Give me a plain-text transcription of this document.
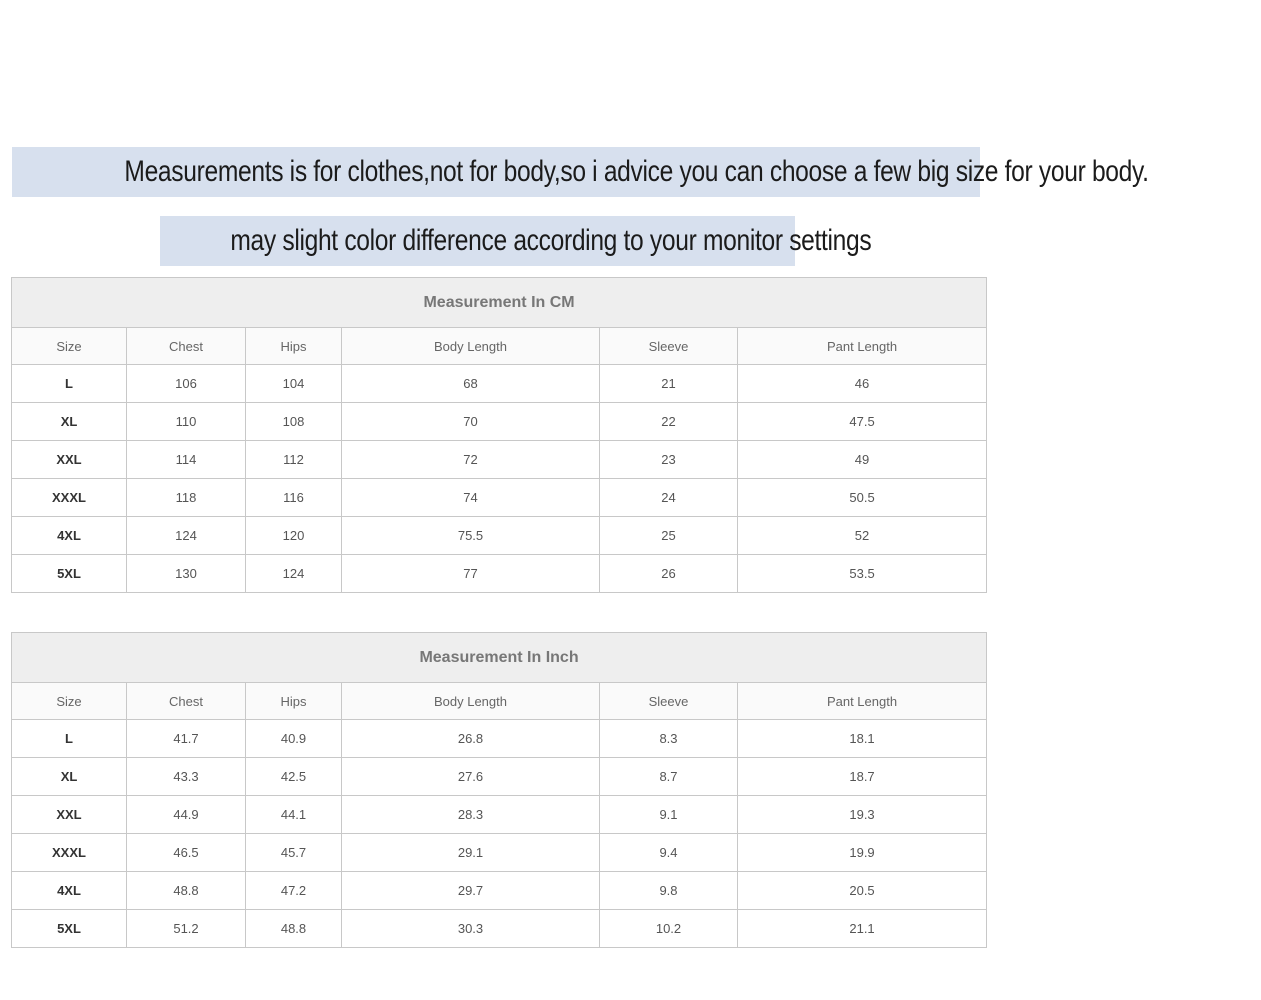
Measurements is for clothes,not for body,so i advice you can choose a few big size for your body.
may slight color difference according to your monitor settings
Measurement In CM					
Size	Chest	Hips	Body Length	Sleeve	Pant Length
L	106	104	68	21	46
XL	110	108	70	22	47.5
XXL	114	112	72	23	49
XXXL	118	116	74	24	50.5
4XL	124	120	75.5	25	52
5XL	130	124	77	26	53.5
Measurement In Inch					
Size	Chest	Hips	Body Length	Sleeve	Pant Length
L	41.7	40.9	26.8	8.3	18.1
XL	43.3	42.5	27.6	8.7	18.7
XXL	44.9	44.1	28.3	9.1	19.3
XXXL	46.5	45.7	29.1	9.4	19.9
4XL	48.8	47.2	29.7	9.8	20.5
5XL	51.2	48.8	30.3	10.2	21.1
